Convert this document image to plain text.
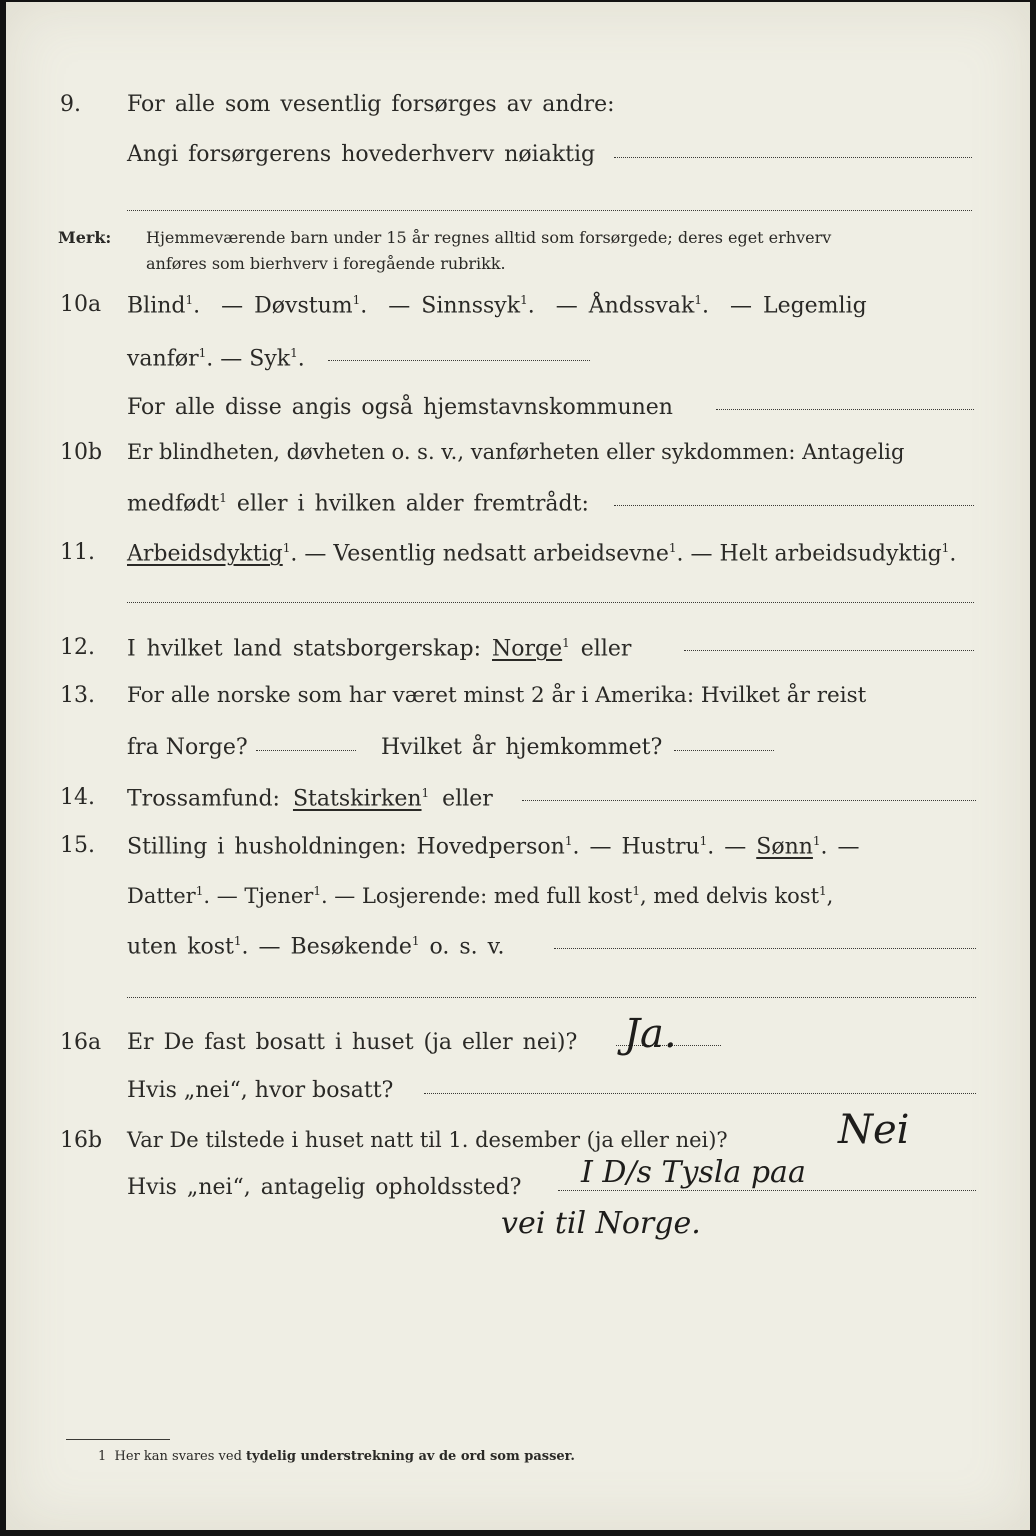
9. For alle som vesentlig forsørges av andre:
Angi forsørgerens hovederhverv nøiaktig
Merk: Hjemmeværende barn under 15 år regnes alltid som forsørgede; deres eget erhverv
anføres som bierhverv i foregående rubrikk.
10a Blind$^1$. — Døvstum$^1$. — Sinnssyk$^1$. — Åndssvak$^1$. — Legemlig
vanfør$^1$. — Syk$^1$.
For alle disse angis også hjemstavnskommunen
10b Er blindheten, døvheten o. s. v., vanførheten eller sykdommen: Antagelig
medfødt$^1$ eller i hvilken alder fremtrådt:
11. Arbeidsdyktig$^1$. — Vesentlig nedsatt arbeidsevne$^1$. — Helt arbeidsudyktig$^1$.
12. I hvilket land statsborgerskap: Norge$^1$ eller
13. For alle norske som har været minst 2 år i Amerika: Hvilket år reist
fra Norge?	Hvilket år hjemkommet?
14. Trossamfund: Statskirken$^1$ eller
15. Stilling i husholdningen: Hovedperson$^1$. — Hustru$^1$. — Sønn$^1$. —
Datter$^1$. — Tjener$^1$. — Losjerende: med full kost$^1$, med delvis kost$^1$,
uten kost$^1$. — Besøkende$^1$ o. s. v.
16a Er De fast bosatt i huset (ja eller nei)? Ja.
Hvis „nei“, hvor bosatt?
16b Var De tilstede i huset natt til 1. desember (ja eller nei)?	Nei
Hvis „nei“, antagelig opholdssted? I D/s Tysla paa
vei til Norge.
1 Her kan svares ved tydelig understrekning av de ord som passer.
